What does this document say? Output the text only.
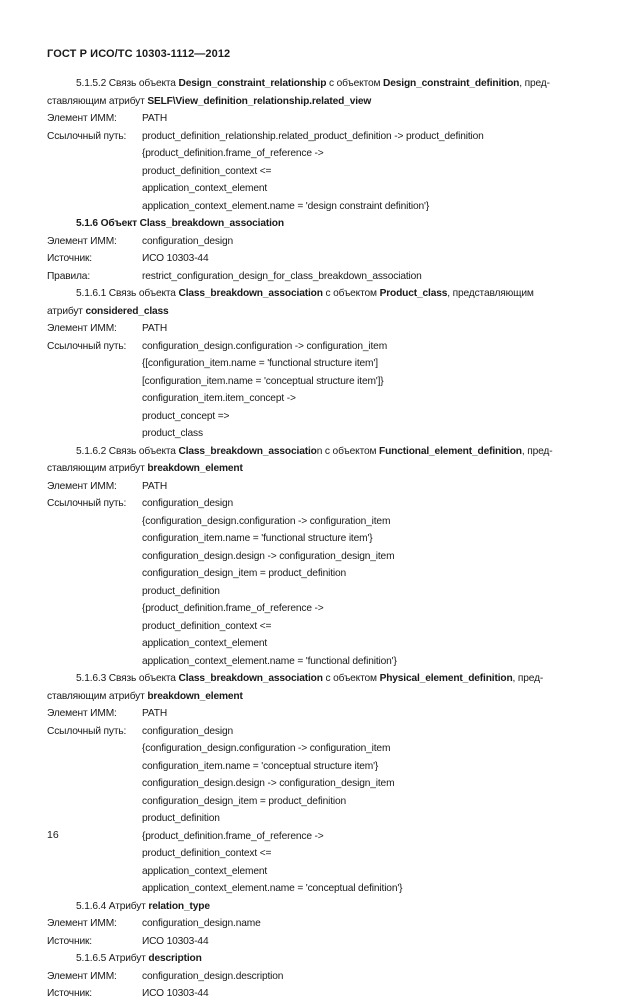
ГОСТ Р ИСО/ТС 10303-1112—2012
5.1.5.2 Связь объекта Design_constraint_relationship с объектом Design_constraint_definition, пред-
ставляющим атрибут SELF\View_definition_relationship.related_view
Элемент ИММ:	PATH
Ссылочный путь:	product_definition_relationship.related_product_definition -> product_definition
{product_definition.frame_of_reference ->
product_definition_context <=
application_context_element
application_context_element.name = 'design constraint definition'}
5.1.6 Объект Class_breakdown_association
Элемент ИММ:	configuration_design
Источник:	ИСО 10303-44
Правила:	restrict_configuration_design_for_class_breakdown_association
5.1.6.1 Связь объекта Class_breakdown_association с объектом Product_class, представляющим
атрибут considered_class
Элемент ИММ:	PATH
Ссылочный путь:	configuration_design.configuration -> configuration_item
{[configuration_item.name = 'functional structure item']
[configuration_item.name = 'conceptual structure item']}
configuration_item.item_concept ->
product_concept =>
product_class
5.1.6.2 Связь объекта Class_breakdown_association с объектом Functional_element_definition, пред-
ставляющим атрибут breakdown_element
Элемент ИММ:	PATH
Ссылочный путь:	configuration_design
{configuration_design.configuration -> configuration_item
configuration_item.name = 'functional structure item'}
configuration_design.design -> configuration_design_item
configuration_design_item = product_definition
product_definition
{product_definition.frame_of_reference ->
product_definition_context <=
application_context_element
application_context_element.name = 'functional definition'}
5.1.6.3 Связь объекта Class_breakdown_association с объектом Physical_element_definition, пред-
ставляющим атрибут breakdown_element
Элемент ИММ:	PATH
Ссылочный путь:	configuration_design
{configuration_design.configuration -> configuration_item
configuration_item.name = 'conceptual structure item'}
configuration_design.design -> configuration_design_item
configuration_design_item = product_definition
product_definition
{product_definition.frame_of_reference ->
product_definition_context <=
application_context_element
application_context_element.name = 'conceptual definition'}
5.1.6.4 Атрибут relation_type
Элемент ИММ:	configuration_design.name
Источник:	ИСО 10303-44
5.1.6.5 Атрибут description
Элемент ИММ:	configuration_design.description
Источник:	ИСО 10303-44
16
